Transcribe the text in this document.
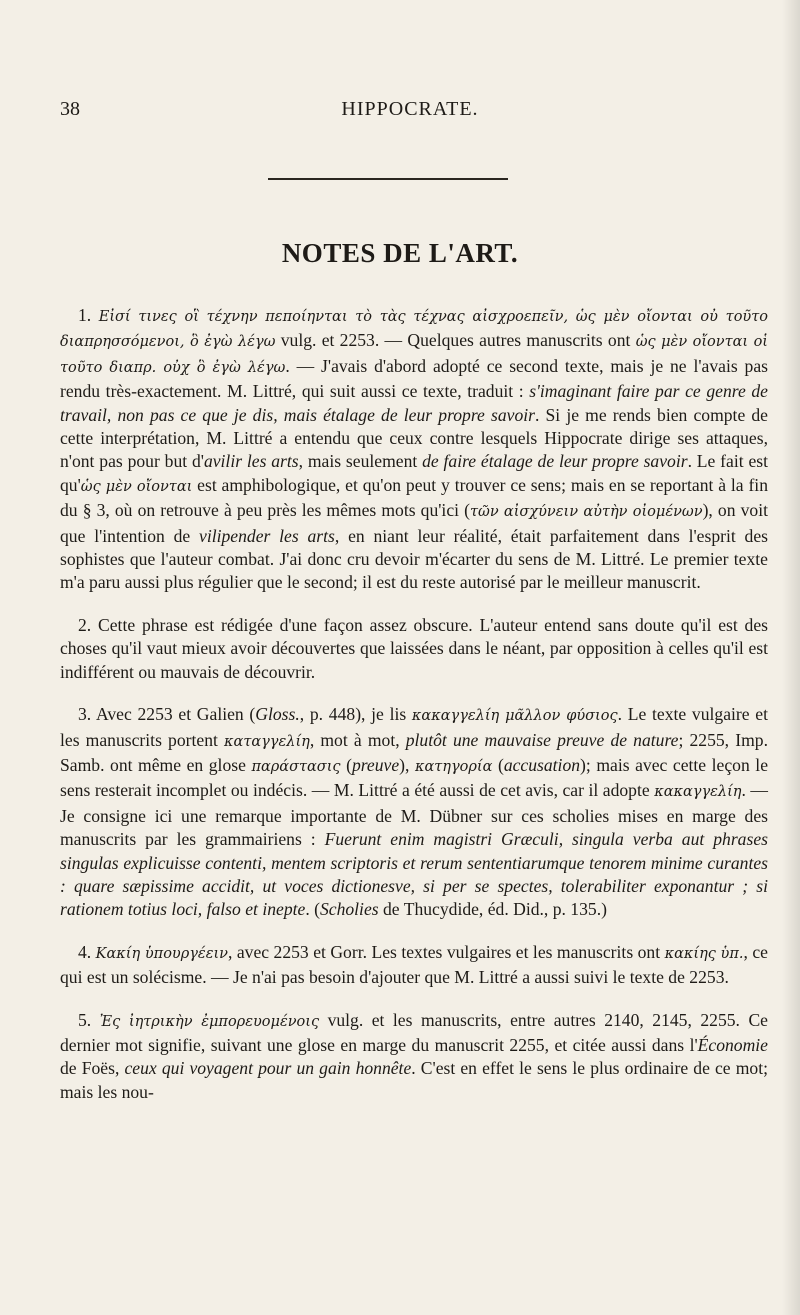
38	HIPPOCRATE.
NOTES DE L'ART.

1. Εἰσί τινες οἳ τέχνην πεποίηνται τὸ τὰς τέχνας αἰσχροεπεῖν, ὡς μὲν οἴονται οὐ τοῦτο διαπρησσόμενοι, ὃ ἐγὼ λέγω vulg. et 2253. — Quelques autres manuscrits ont ὡς μὲν οἴονται οἱ τοῦτο διαπρ. οὐχ ὃ ἐγὼ λέγω. — J'avais d'abord adopté ce second texte, mais je ne l'avais pas rendu très-exactement. M. Littré, qui suit aussi ce texte, traduit : s'imaginant faire par ce genre de travail, non pas ce que je dis, mais étalage de leur propre savoir. Si je me rends bien compte de cette interprétation, M. Littré a entendu que ceux contre lesquels Hippocrate dirige ses attaques, n'ont pas pour but d'avilir les arts, mais seulement de faire étalage de leur propre savoir. Le fait est qu'ὡς μὲν οἴονται est amphibologique, et qu'on peut y trouver ce sens; mais en se reportant à la fin du § 3, où on retrouve à peu près les mêmes mots qu'ici (τῶν αἰσχύνειν αὐτὴν οἰομένων), on voit que l'intention de vilipender les arts, en niant leur réalité, était parfaitement dans l'esprit des sophistes que l'auteur combat. J'ai donc cru devoir m'écarter du sens de M. Littré. Le premier texte m'a paru aussi plus régulier que le second; il est du reste autorisé par le meilleur manuscrit.

2. Cette phrase est rédigée d'une façon assez obscure. L'auteur entend sans doute qu'il est des choses qu'il vaut mieux avoir découvertes que laissées dans le néant, par opposition à celles qu'il est indifférent ou mauvais de découvrir.

3. Avec 2253 et Galien (Gloss., p. 448), je lis κακαγγελίη μᾶλλον φύσιος. Le texte vulgaire et les manuscrits portent καταγγελίη, mot à mot, plutôt une mauvaise preuve de nature; 2255, Imp. Samb. ont même en glose παράστασις (preuve), κατηγορία (accusation); mais avec cette leçon le sens resterait incomplet ou indécis. — M. Littré a été aussi de cet avis, car il adopte κακαγγελίη. — Je consigne ici une remarque importante de M. Dübner sur ces scholies mises en marge des manuscrits par les grammairiens : Fuerunt enim magistri Græculi, singula verba aut phrases singulas explicuisse contenti, mentem scriptoris et rerum sententiarumque tenorem minime curantes : quare sæpissime accidit, ut voces dictionesve, si per se spectes, tolerabiliter exponantur ; si rationem totius loci, falso et inepte. (Scholies de Thucydide, éd. Did., p. 135.)

4. Κακίη ὑπουργέειν, avec 2253 et Gorr. Les textes vulgaires et les manuscrits ont κακίης ὑπ., ce qui est un solécisme. — Je n'ai pas besoin d'ajouter que M. Littré a aussi suivi le texte de 2253.

5. Ἐς ἰητρικὴν ἐμπορευομένοις vulg. et les manuscrits, entre autres 2140, 2145, 2255. Ce dernier mot signifie, suivant une glose en marge du manuscrit 2255, et citée aussi dans l'Économie de Foës, ceux qui voyagent pour un gain honnête. C'est en effet le sens le plus ordinaire de ce mot; mais les nou-
